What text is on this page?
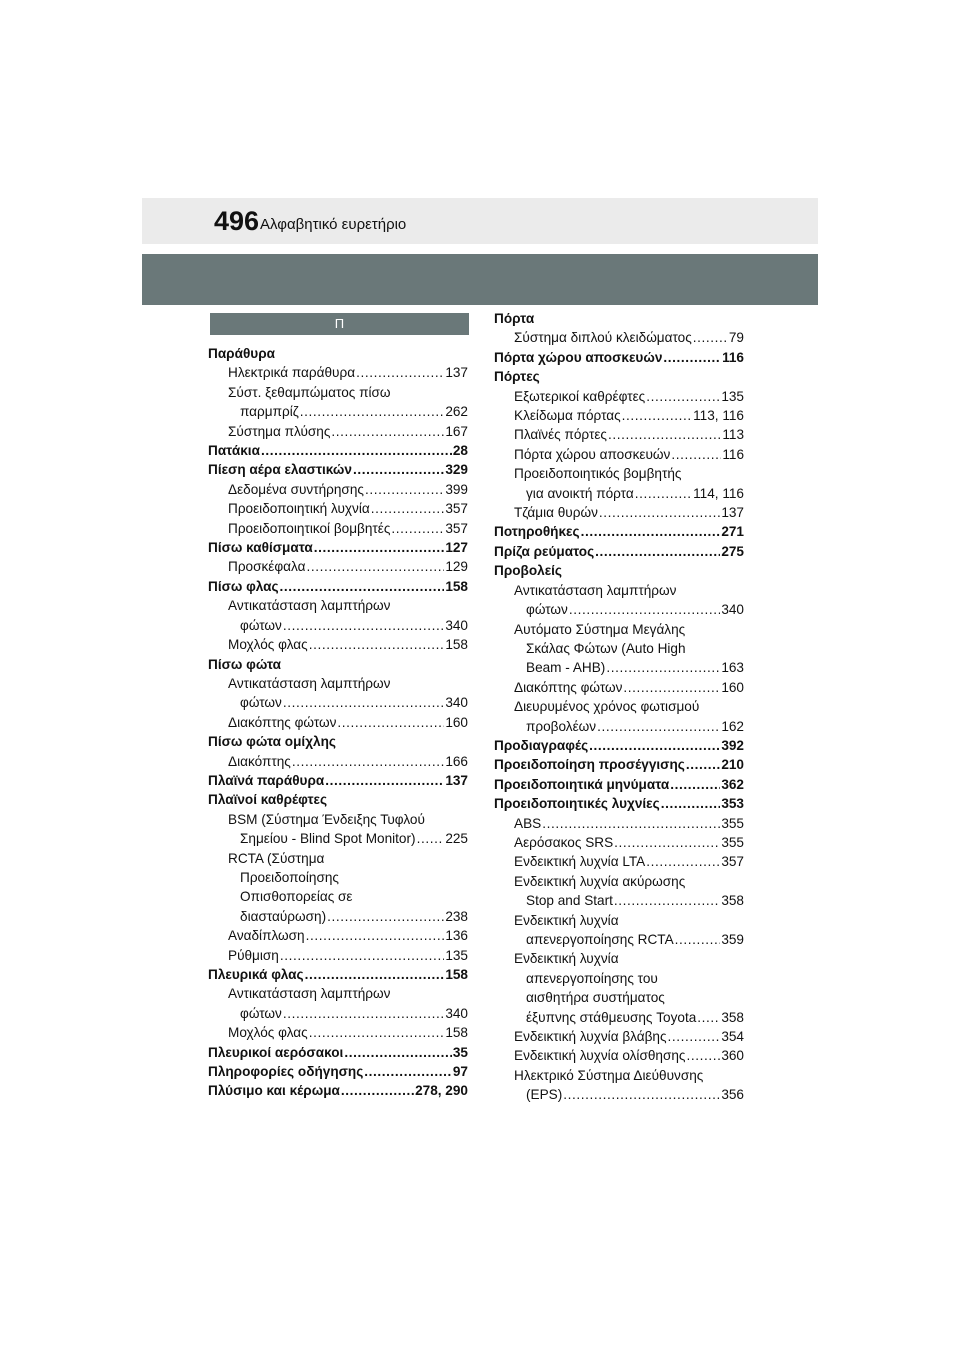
496 Αλφαβητικό ευρετήριο
Π
Παράθυρα
Ηλεκτρικά παράθυρα .....	137
Σύστ. ξεθαμπώματος πίσω
παρμπρίζ .....	262
Σύστημα πλύσης .....	167
Πατάκια .....	28
Πίεση αέρα ελαστικών .....	329
Δεδομένα συντήρησης .....	399
Προειδοποιητική λυχνία .....	357
Προειδοποιητικοί βομβητές .....	357
Πίσω καθίσματα .....	127
Προσκέφαλα .....	129
Πίσω φλας .....	158
Αντικατάσταση λαμπτήρων
φώτων .....	340
Μοχλός φλας .....	158
Πίσω φώτα
Αντικατάσταση λαμπτήρων
φώτων .....	340
Διακόπτης φώτων .....	160
Πίσω φώτα ομίχλης
Διακόπτης .....	166
Πλαϊνά παράθυρα .....	137
Πλαϊνοί καθρέφτες
BSM (Σύστημα Ένδειξης Τυφλού
Σημείου - Blind Spot Monitor) ..... 225
RCTA (Σύστημα
Προειδοποίησης
Οπισθοπορείας σε
διασταύρωση) .....	238
Αναδίπλωση .....	136
Ρύθμιση .....	135
Πλευρικά φλας .....	158
Αντικατάσταση λαμπτήρων
φώτων .....	340
Μοχλός φλας .....	158
Πλευρικοί αερόσακοι .....	35
Πληροφορίες οδήγησης .....	97
Πλύσιμο και κέρωμα .....	278, 290
Πόρτα
Σύστημα διπλού κλειδώματος .....	79
Πόρτα χώρου αποσκευών .....	116
Πόρτες
Εξωτερικοί καθρέφτες .....	135
Κλείδωμα πόρτας .....	113, 116
Πλαϊνές πόρτες .....	113
Πόρτα χώρου αποσκευών .....	116
Προειδοποιητικός βομβητής
για ανοικτή πόρτα .....	114, 116
Τζάμια θυρών .....	137
Ποτηροθήκες .....	271
Πρίζα ρεύματος .....	275
Προβολείς
Αντικατάσταση λαμπτήρων
φώτων .....	340
Αυτόματο Σύστημα Μεγάλης
Σκάλας Φώτων (Auto High
Beam - AHB) .....	163
Διακόπτης φώτων .....	160
Διευρυμένος χρόνος φωτισμού
προβολέων .....	162
Προδιαγραφές .....	392
Προειδοποίηση προσέγγισης .....	210
Προειδοποιητικά μηνύματα .....	362
Προειδοποιητικές λυχνίες .....	353
ABS .....	355
Αερόσακος SRS .....	355
Ενδεικτική λυχνία LTA .....	357
Ενδεικτική λυχνία ακύρωσης
Stop and Start .....	358
Ενδεικτική λυχνία
απενεργοποίησης RCTA .....	359
Ενδεικτική λυχνία
απενεργοποίησης του
αισθητήρα συστήματος
έξυπνης στάθμευσης Toyota ..... 358
Ενδεικτική λυχνία βλάβης .....	354
Ενδεικτική λυχνία ολίσθησης .....	360
Ηλεκτρικό Σύστημα Διεύθυνσης
(EPS) .....	356
